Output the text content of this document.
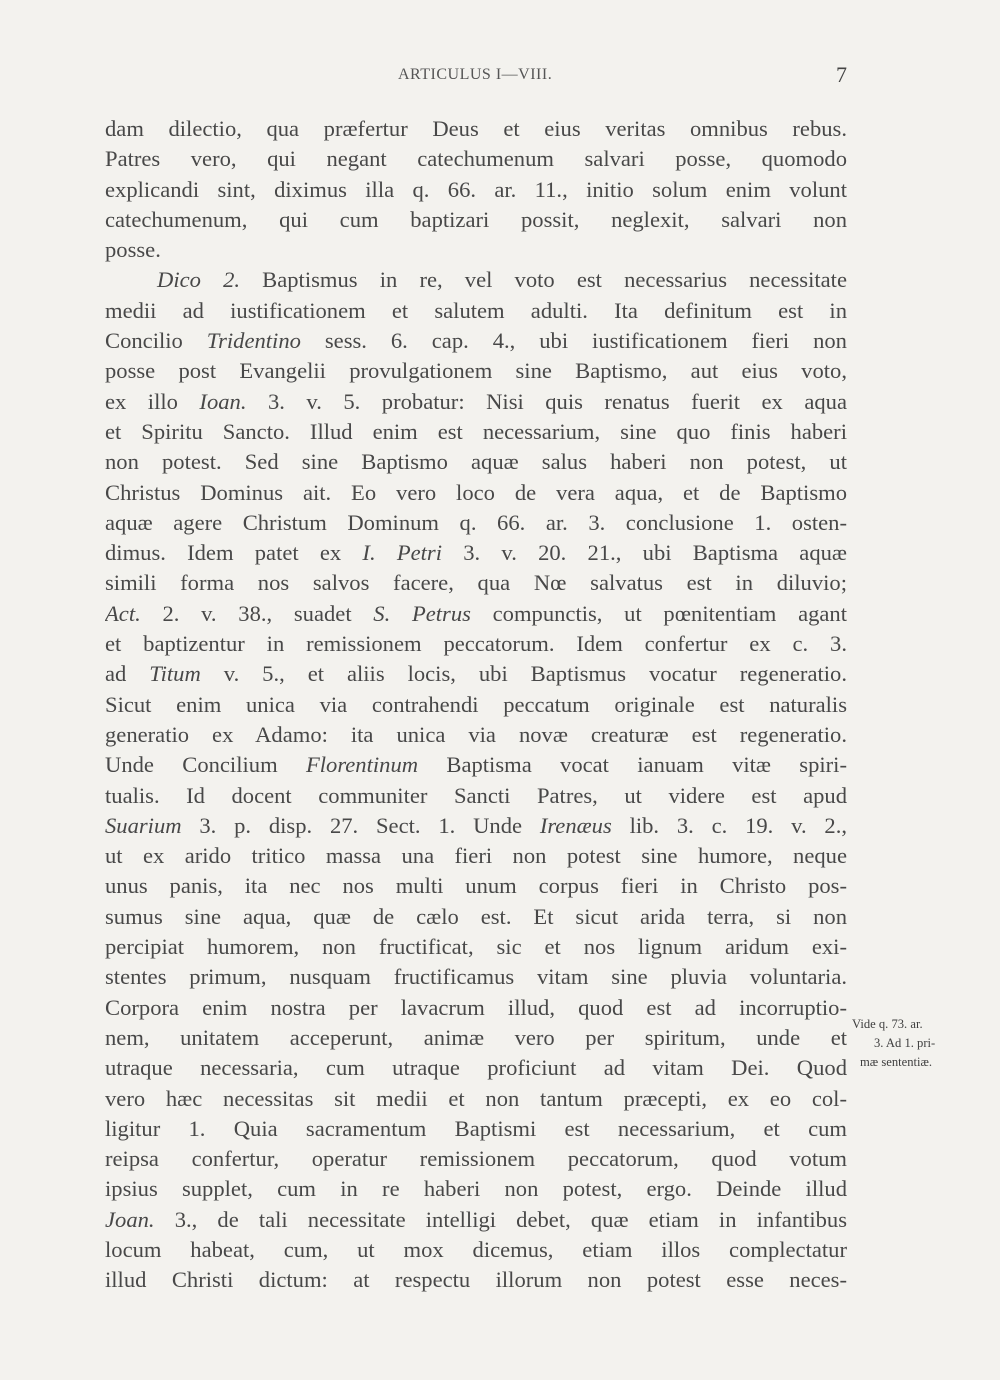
ARTICULUS I—VIII.	7
dam dilectio, qua præfertur Deus et eius veritas omnibus rebus.
Patres vero, qui negant catechumenum salvari posse, quomodo
explicandi sint, diximus illa q. 66. ar. 11., initio solum enim volunt
catechumenum, qui cum baptizari possit, neglexit, salvari non
posse.
Dico 2. Baptismus in re, vel voto est necessarius necessitate
medii ad iustificationem et salutem adulti. Ita definitum est in
Concilio Tridentino sess. 6. cap. 4., ubi iustificationem fieri non
posse post Evangelii provulgationem sine Baptismo, aut eius voto,
ex illo Ioan. 3. v. 5. probatur: Nisi quis renatus fuerit ex aqua
et Spiritu Sancto. Illud enim est necessarium, sine quo finis haberi
non potest. Sed sine Baptismo aquæ salus haberi non potest, ut
Christus Dominus ait. Eo vero loco de vera aqua, et de Baptismo
aquæ agere Christum Dominum q. 66. ar. 3. conclusione 1. osten-
dimus. Idem patet ex I. Petri 3. v. 20. 21., ubi Baptisma aquæ
simili forma nos salvos facere, qua Nœ salvatus est in diluvio;
Act. 2. v. 38., suadet S. Petrus compunctis, ut pœnitentiam agant
et baptizentur in remissionem peccatorum. Idem confertur ex c. 3.
ad Titum v. 5., et aliis locis, ubi Baptismus vocatur regeneratio.
Sicut enim unica via contrahendi peccatum originale est naturalis
generatio ex Adamo: ita unica via novæ creaturæ est regeneratio.
Unde Concilium Florentinum Baptisma vocat ianuam vitæ spiri-
tualis. Id docent communiter Sancti Patres, ut videre est apud
Suarium 3. p. disp. 27. Sect. 1. Unde Irenæus lib. 3. c. 19. v. 2.,
ut ex arido tritico massa una fieri non potest sine humore, neque
unus panis, ita nec nos multi unum corpus fieri in Christo pos-
sumus sine aqua, quæ de cælo est. Et sicut arida terra, si non
percipiat humorem, non fructificat, sic et nos lignum aridum exi-
stentes primum, nusquam fructificamus vitam sine pluvia voluntaria.
Corpora enim nostra per lavacrum illud, quod est ad incorruptio-
nem, unitatem acceperunt, animæ vero per spiritum, unde et
utraque necessaria, cum utraque proficiunt ad vitam Dei. Quod
vero hæc necessitas sit medii et non tantum præcepti, ex eo col-
ligitur 1. Quia sacramentum Baptismi est necessarium, et cum
reipsa confertur, operatur remissionem peccatorum, quod votum
ipsius supplet, cum in re haberi non potest, ergo. Deinde illud
Joan. 3., de tali necessitate intelligi debet, quæ etiam in infantibus
locum habeat, cum, ut mox dicemus, etiam illos complectatur
illud Christi dictum: at respectu illorum non potest esse neces-
Vide q. 73. ar.
3. Ad 1. pri-
mæ sententiæ.
